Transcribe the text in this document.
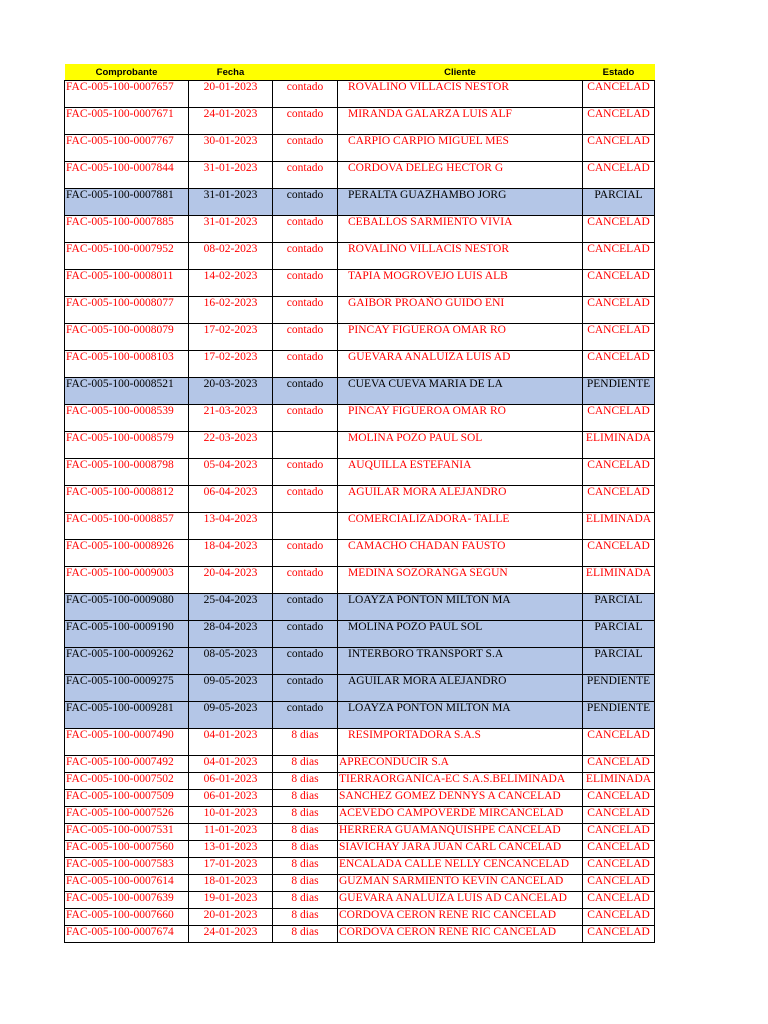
Comprobante	Fecha		Cliente	Estado
FAC-005-100-0007657	20-01-2023	contado	ROVALINO VILLACIS NESTOR	CANCELAD
FAC-005-100-0007671	24-01-2023	contado	MIRANDA GALARZA LUIS ALF	CANCELAD
FAC-005-100-0007767	30-01-2023	contado	CARPIO CARPIO MIGUEL MES	CANCELAD
FAC-005-100-0007844	31-01-2023	contado	CORDOVA DELEG HECTOR G	CANCELAD
FAC-005-100-0007881	31-01-2023	contado	PERALTA GUAZHAMBO JORG	PARCIAL
FAC-005-100-0007885	31-01-2023	contado	CEBALLOS SARMIENTO VIVIA	CANCELAD
FAC-005-100-0007952	08-02-2023	contado	ROVALINO VILLACIS NESTOR	CANCELAD
FAC-005-100-0008011	14-02-2023	contado	TAPIA MOGROVEJO LUIS ALB	CANCELAD
FAC-005-100-0008077	16-02-2023	contado	GAIBOR PROAÑO GUIDO ENI	CANCELAD
FAC-005-100-0008079	17-02-2023	contado	PINCAY FIGUEROA OMAR RO	CANCELAD
FAC-005-100-0008103	17-02-2023	contado	GUEVARA ANALUIZA LUIS AD	CANCELAD
FAC-005-100-0008521	20-03-2023	contado	CUEVA CUEVA MARIA DE LA	PENDIENTE
FAC-005-100-0008539	21-03-2023	contado	PINCAY FIGUEROA OMAR RO	CANCELAD
FAC-005-100-0008579	22-03-2023		MOLINA POZO PAUL SOL	ELIMINADA
FAC-005-100-0008798	05-04-2023	contado	AUQUILLA ESTEFANIA	CANCELAD
FAC-005-100-0008812	06-04-2023	contado	AGUILAR MORA ALEJANDRO	CANCELAD
FAC-005-100-0008857	13-04-2023		COMERCIALIZADORA- TALLE	ELIMINADA
FAC-005-100-0008926	18-04-2023	contado	CAMACHO CHADAN FAUSTO	CANCELAD
FAC-005-100-0009003	20-04-2023	contado	MEDINA SOZORANGA SEGUN	ELIMINADA
FAC-005-100-0009080	25-04-2023	contado	LOAYZA PONTON MILTON MA	PARCIAL
FAC-005-100-0009190	28-04-2023	contado	MOLINA POZO PAUL SOL	PARCIAL
FAC-005-100-0009262	08-05-2023	contado	INTERBORO TRANSPORT S.A	PARCIAL
FAC-005-100-0009275	09-05-2023	contado	AGUILAR MORA ALEJANDRO	PENDIENTE
FAC-005-100-0009281	09-05-2023	contado	LOAYZA PONTON MILTON MA	PENDIENTE
FAC-005-100-0007490	04-01-2023	8 dias	RESIMPORTADORA S.A.S	CANCELAD
FAC-005-100-0007492	04-01-2023	8 dias	APRECONDUCIR S.A	CANCELAD
FAC-005-100-0007502	06-01-2023	8 dias	TIERRAORGANICA-EC S.A.S.BELIMINADA	ELIMINADA
FAC-005-100-0007509	06-01-2023	8 dias	SANCHEZ GOMEZ DENNYS A CANCELAD	CANCELAD
FAC-005-100-0007526	10-01-2023	8 dias	ACEVEDO CAMPOVERDE MIRCANCELAD	CANCELAD
FAC-005-100-0007531	11-01-2023	8 dias	HERRERA GUAMANQUISHPE CANCELAD	CANCELAD
FAC-005-100-0007560	13-01-2023	8 dias	SIAVICHAY JARA JUAN CARL CANCELAD	CANCELAD
FAC-005-100-0007583	17-01-2023	8 dias	ENCALADA CALLE NELLY CENCANCELAD	CANCELAD
FAC-005-100-0007614	18-01-2023	8 dias	GUZMAN SARMIENTO KEVIN CANCELAD	CANCELAD
FAC-005-100-0007639	19-01-2023	8 dias	GUEVARA ANALUIZA LUIS AD CANCELAD	CANCELAD
FAC-005-100-0007660	20-01-2023	8 dias	CORDOVA CERON RENE RIC CANCELAD	CANCELAD
FAC-005-100-0007674	24-01-2023	8 dias	CORDOVA CERON RENE RIC CANCELAD	CANCELAD
